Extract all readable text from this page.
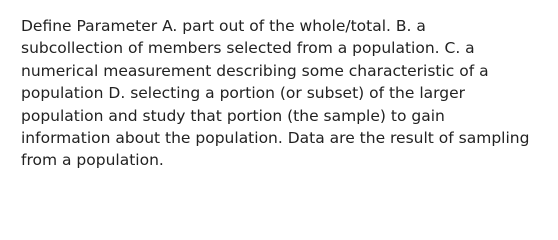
Define Parameter A. part out of the whole/total. B. a
subcollection of members selected from a population. C. a
numerical measurement describing some characteristic of a
population D. selecting a portion (or subset) of the larger
population and study that portion (the sample) to gain
information about the population. Data are the result of sampling
from a population.
